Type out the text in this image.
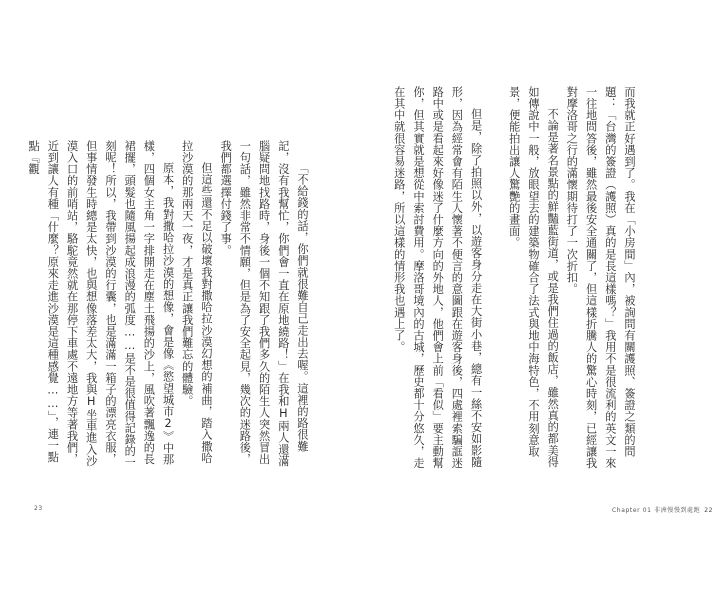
「不給錢的話，你們就很難自己走出去喔。這裡的路很難記，沒有我幫忙，你們會一直在原地繞路！」在我和H兩人還滿腦疑問地找路時，身後一個不知跟了我們多久的陌生人突然冒出一句話，雖然非常不情願，但是為了安全起見，幾次的迷路後，我們都選擇付錢了事。

但這些還不足以破壞我對撒哈拉沙漠幻想的補曲，踏入撒哈拉沙漠的那兩天一夜，才是真正讓我們難忘的體驗。

原本，我對撒哈拉沙漠的想像，會是像《慾望城市2》中那樣，四個女主角一字排開走在塵土飛揚的沙上，風吹著飄逸的長裙擺，頭髮也隨風揚起成浪漫的弧度……是不是很值得記錄的一刻呢！所以，我帶到沙漠的行囊，也是滿滿一箱子的漂亮衣服，但事情發生時總是太快，也與想像落差太大，我與H坐車進入沙漠入口的前哨站，駱駝竟然就在那停下車處不遠地方等著我們，近到讓人有種「什麼？原來走進沙漠是這種感覺……」，連一點點『觀

23

而我就正好遇到了。我在「小房間」內，被詢問有關護照、簽證之類的問題：「台灣的簽證（護照）真的是長這樣嗎？」我用不是很流利的英文一來一往地問答後，雖然最後安全通關了，但這樣折騰人的驚心時刻，已經讓我對摩洛哥之行的滿懷期待打了一次折扣。

不論是著名景點的鮮豔藍街道，或是我們住過的飯店，雖然真的都美得如傳說中一般，放眼望去的建築物確合了法式與地中海特色，不用刻意取景，便能拍出讓人驚艷的畫面。

但是，除了拍照以外，以遊客身分走在大街小巷，總有一絲不安如影隨形，因為經常會有陌生人懷著不便言的意圖跟在遊客身後，四處裡索騙誆迷路中或是看起來好像迷了什麼方向的外地人，他們會上前「看似」要主動幫你，但其實就是想從中索討費用。摩洛哥境內的古城，歷史都十分悠久，走在其中就很容易迷路，所以這樣的情形我也遇上了。

Chapter 01 非洲慢慢到處跑 22
